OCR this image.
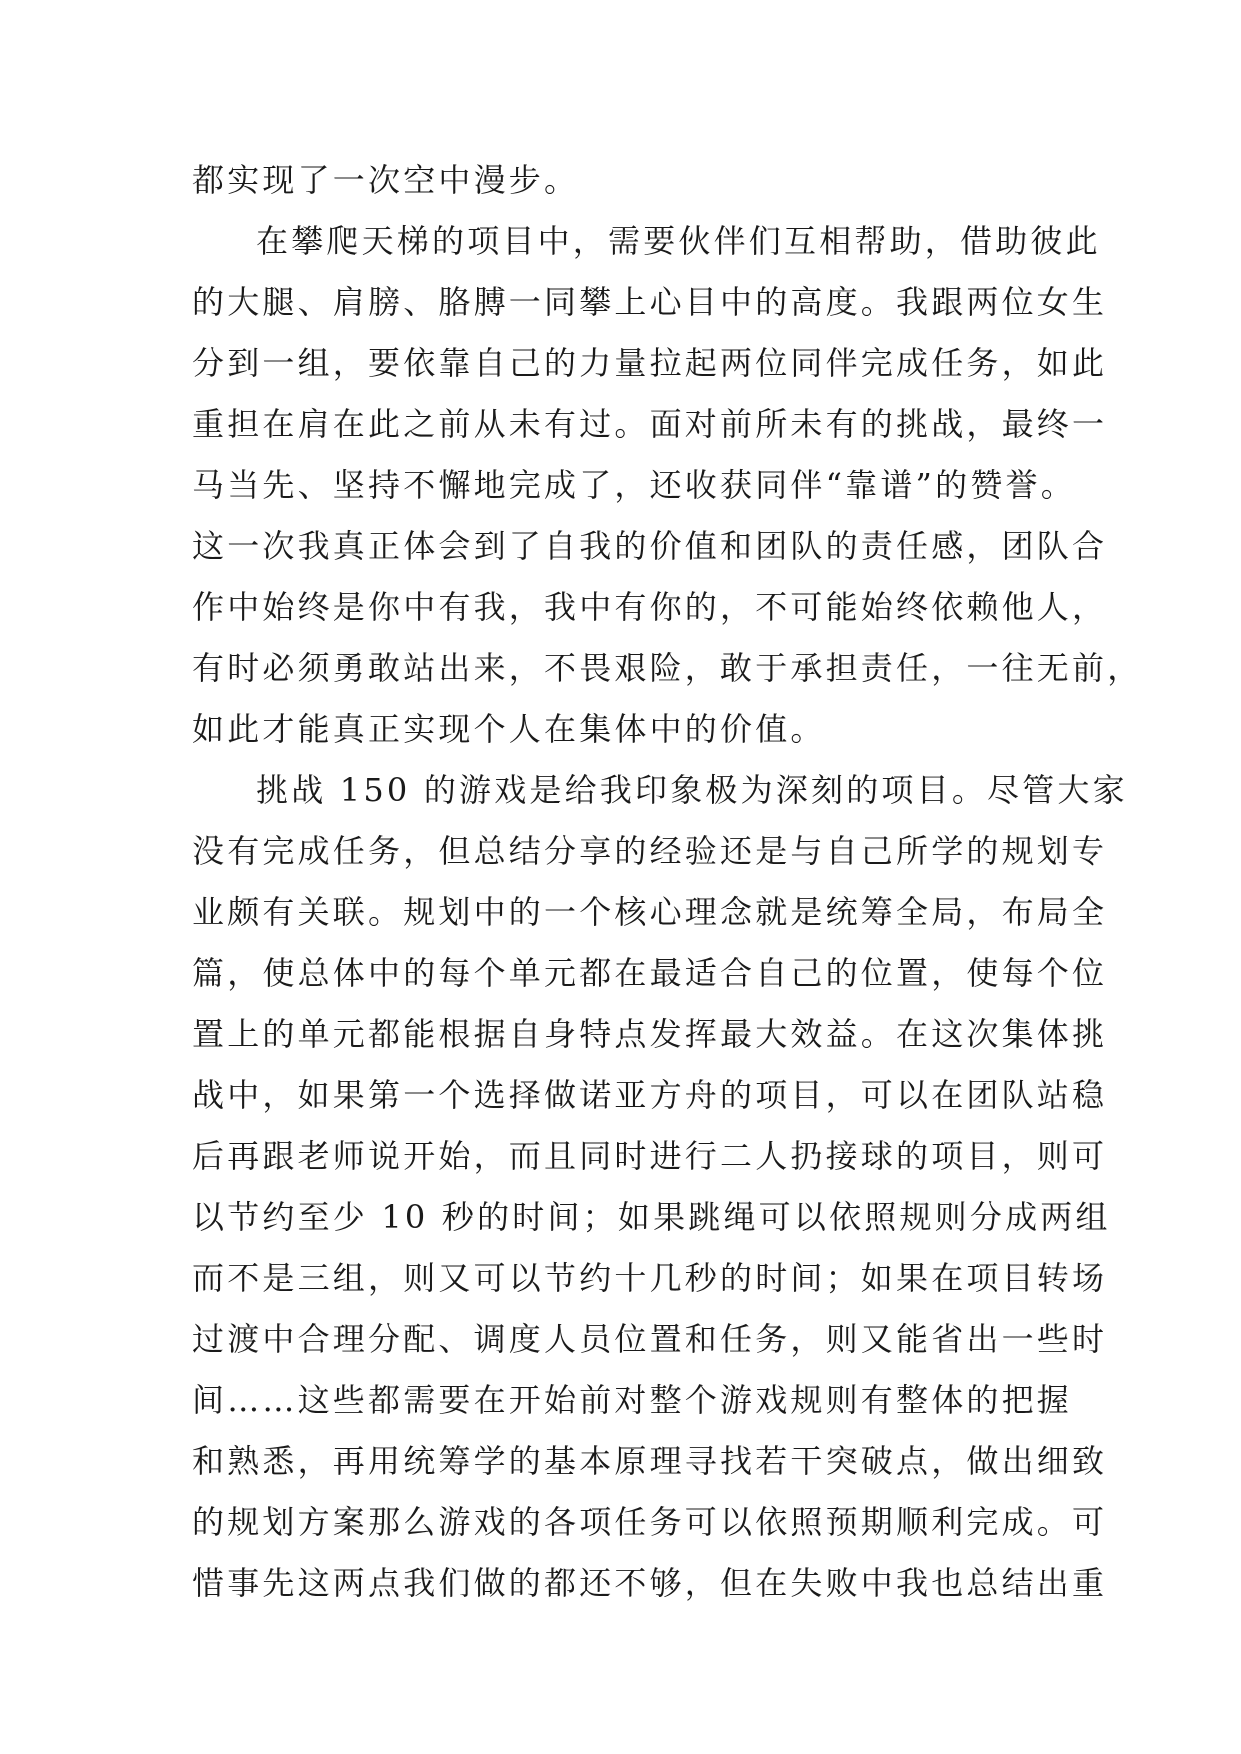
都实现了一次空中漫步。
在攀爬天梯的项目中，需要伙伴们互相帮助，借助彼此
的大腿、肩膀、胳膊一同攀上心目中的高度。我跟两位女生
分到一组，要依靠自己的力量拉起两位同伴完成任务，如此
重担在肩在此之前从未有过。面对前所未有的挑战，最终一
马当先、坚持不懈地完成了，还收获同伴“靠谱”的赞誉。
这一次我真正体会到了自我的价值和团队的责任感，团队合
作中始终是你中有我，我中有你的，不可能始终依赖他人，
有时必须勇敢站出来，不畏艰险，敢于承担责任，一往无前，
如此才能真正实现个人在集体中的价值。
挑战 150 的游戏是给我印象极为深刻的项目。尽管大家
没有完成任务，但总结分享的经验还是与自己所学的规划专
业颇有关联。规划中的一个核心理念就是统筹全局，布局全
篇，使总体中的每个单元都在最适合自己的位置，使每个位
置上的单元都能根据自身特点发挥最大效益。在这次集体挑
战中，如果第一个选择做诺亚方舟的项目，可以在团队站稳
后再跟老师说开始，而且同时进行二人扔接球的项目，则可
以节约至少 10 秒的时间；如果跳绳可以依照规则分成两组
而不是三组，则又可以节约十几秒的时间；如果在项目转场
过渡中合理分配、调度人员位置和任务，则又能省出一些时
间……这些都需要在开始前对整个游戏规则有整体的把握
和熟悉，再用统筹学的基本原理寻找若干突破点，做出细致
的规划方案那么游戏的各项任务可以依照预期顺利完成。可
惜事先这两点我们做的都还不够，但在失败中我也总结出重
